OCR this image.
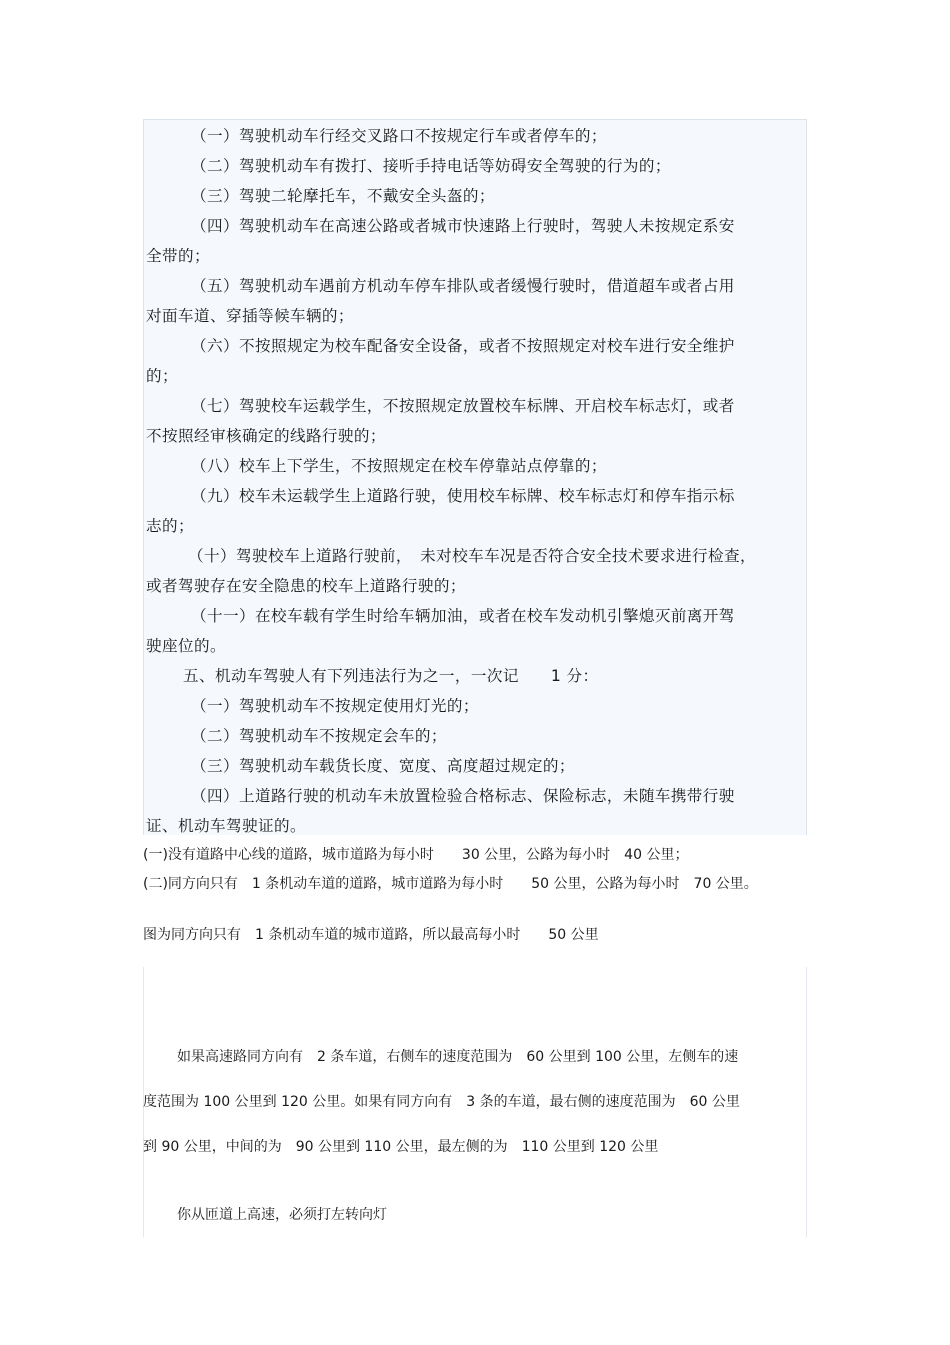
（一）驾驶机动车行经交叉路口不按规定行车或者停车的；
（二）驾驶机动车有拨打、接听手持电话等妨碍安全驾驶的行为的；
（三）驾驶二轮摩托车，不戴安全头盔的；
（四）驾驶机动车在高速公路或者城市快速路上行驶时，驾驶人未按规定系安
全带的；
（五）驾驶机动车遇前方机动车停车排队或者缓慢行驶时，借道超车或者占用
对面车道、穿插等候车辆的；
（六）不按照规定为校车配备安全设备，或者不按照规定对校车进行安全维护
的；
（七）驾驶校车运载学生，不按照规定放置校车标牌、开启校车标志灯，或者
不按照经审核确定的线路行驶的；
（八）校车上下学生，不按照规定在校车停靠站点停靠的；
（九）校车未运载学生上道路行驶，使用校车标牌、校车标志灯和停车指示标
志的；
（十）驾驶校车上道路行驶前，　未对校车车况是否符合安全技术要求进行检查，
或者驾驶存在安全隐患的校车上道路行驶的；
（十一）在校车载有学生时给车辆加油，或者在校车发动机引擎熄灭前离开驾
驶座位的。
五、机动车驾驶人有下列违法行为之一，一次记　　1 分：
（一）驾驶机动车不按规定使用灯光的；
（二）驾驶机动车不按规定会车的；
（三）驾驶机动车载货长度、宽度、高度超过规定的；
（四）上道路行驶的机动车未放置检验合格标志、保险标志，未随车携带行驶
证、机动车驾驶证的。
(一)没有道路中心线的道路，城市道路为每小时　　30 公里，公路为每小时　40 公里；
(二)同方向只有　1 条机动车道的道路，城市道路为每小时　　50 公里，公路为每小时　70 公里。
图为同方向只有　1 条机动车道的城市道路，所以最高每小时　　50 公里
如果高速路同方向有　2 条车道，右侧车的速度范围为　60 公里到 100 公里，左侧车的速
度范围为 100 公里到 120 公里。如果有同方向有　3 条的车道，最右侧的速度范围为　60 公里
到 90 公里，中间的为　90 公里到 110 公里，最左侧的为　110 公里到 120 公里
你从匝道上高速，必须打左转向灯
